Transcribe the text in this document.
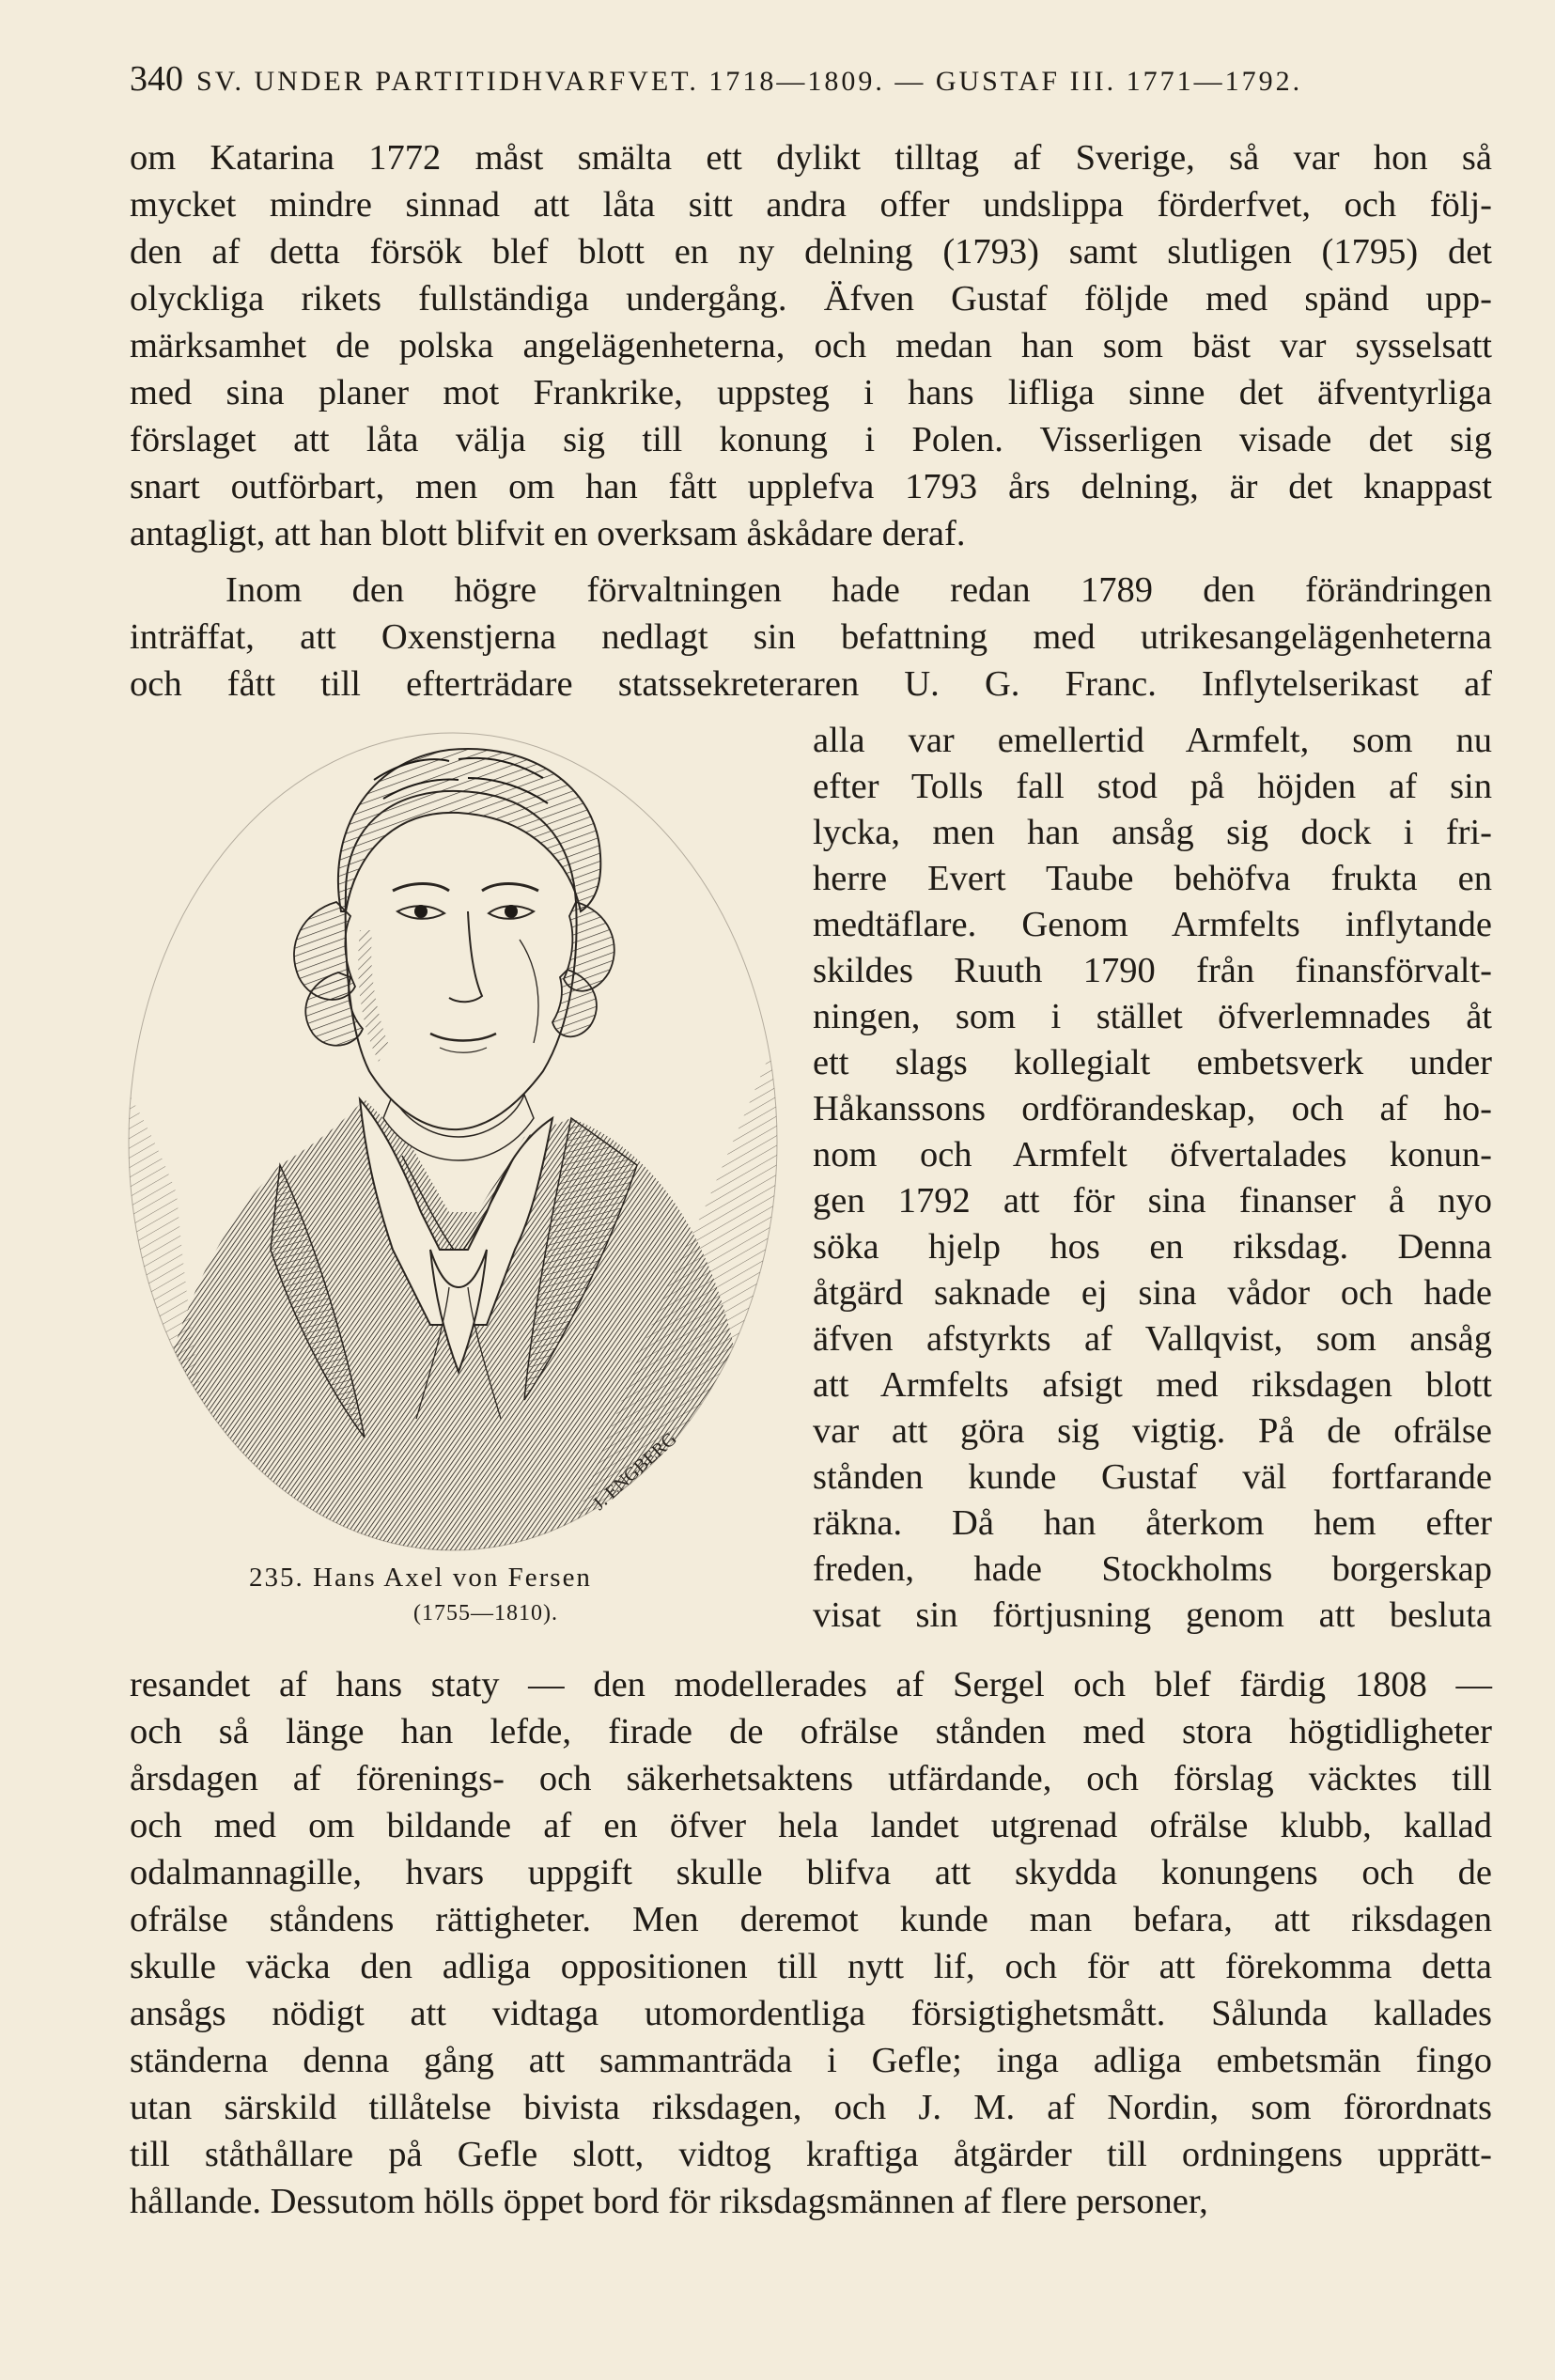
340 SV. UNDER PARTITIDHVARFVET. 1718—1809. — GUSTAF III. 1771—1792.
om Katarina 1772 måst smälta ett dylikt tilltag af Sverige, så var hon så
mycket mindre sinnad att låta sitt andra offer undslippa förderfvet, och följ-
den af detta försök blef blott en ny delning (1793) samt slutligen (1795) det
olyckliga rikets fullständiga undergång. Äfven Gustaf följde med spänd upp-
märksamhet de polska angelägenheterna, och medan han som bäst var sysselsatt
med sina planer mot Frankrike, uppsteg i hans lifliga sinne det äfventyrliga
förslaget att låta välja sig till konung i Polen. Visserligen visade det sig
snart outförbart, men om han fått upplefva 1793 års delning, är det knappast
antagligt, att han blott blifvit en overksam åskådare deraf.
Inom den högre förvaltningen hade redan 1789 den förändringen
inträffat, att Oxenstjerna nedlagt sin befattning med utrikesangelägenheterna
och fått till efterträdare statssekreteraren U. G. Franc. Inflytelserikast af
alla var emellertid Armfelt, som nu
efter Tolls fall stod på höjden af sin
lycka, men han ansåg sig dock i fri-
herre Evert Taube behöfva frukta en
medtäflare. Genom Armfelts inflytande
skildes Ruuth 1790 från finansförvalt-
ningen, som i stället öfverlemnades åt
ett slags kollegialt embetsverk under
Håkanssons ordförandeskap, och af ho-
nom och Armfelt öfvertalades konun-
gen 1792 att för sina finanser å nyo
söka hjelp hos en riksdag. Denna
åtgärd saknade ej sina vådor och hade
äfven afstyrkts af Vallqvist, som ansåg
att Armfelts afsigt med riksdagen blott
var att göra sig vigtig. På de ofrälse
stånden kunde Gustaf väl fortfarande
räkna. Då han återkom hem efter
freden, hade Stockholms borgerskap
visat sin förtjusning genom att besluta
resandet af hans staty — den modellerades af Sergel och blef färdig 1808 —
och så länge han lefde, firade de ofrälse stånden med stora högtidligheter
årsdagen af förenings- och säkerhetsaktens utfärdande, och förslag väcktes till
och med om bildande af en öfver hela landet utgrenad ofrälse klubb, kallad
odalmannagille, hvars uppgift skulle blifva att skydda konungens och de
ofrälse ståndens rättigheter. Men deremot kunde man befara, att riksdagen
skulle väcka den adliga oppositionen till nytt lif, och för att förekomma detta
ansågs nödigt att vidtaga utomordentliga försigtighetsmått. Sålunda kallades
ständerna denna gång att sammanträda i Gefle; inga adliga embetsmän fingo
utan särskild tillåtelse bivista riksdagen, och J. M. af Nordin, som förordnats
till ståthållare på Gefle slott, vidtog kraftiga åtgärder till ordningens upprätt-
hållande. Dessutom hölls öppet bord för riksdagsmännen af flere personer,
J. ENGBERG
235. Hans Axel von Fersen
(1755—1810).
